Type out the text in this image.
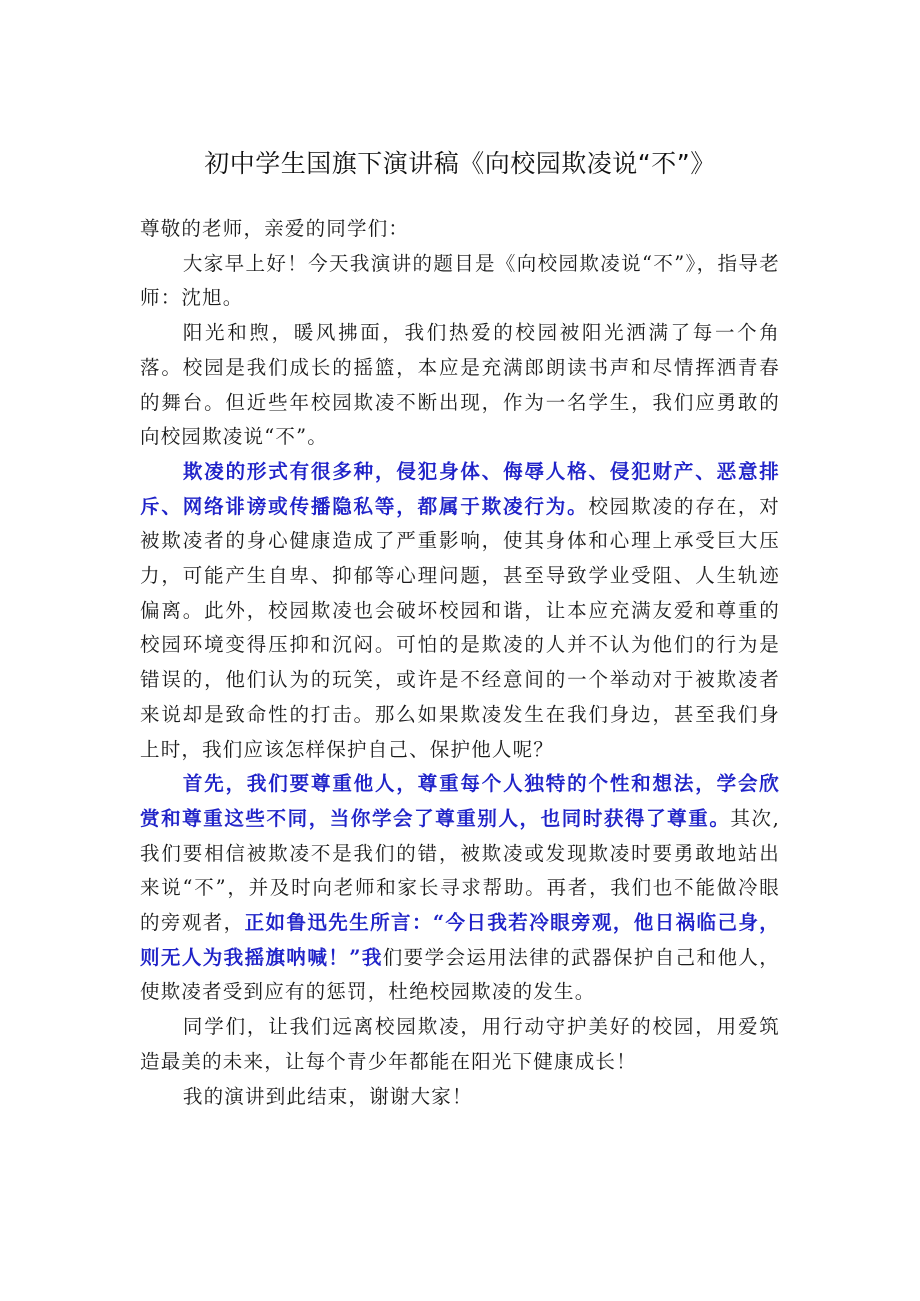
初中学生国旗下演讲稿《向校园欺凌说“不”》

尊敬的老师，亲爱的同学们：

大家早上好！今天我演讲的题目是《向校园欺凌说“不”》，指导老师：沈旭。

阳光和煦，暖风拂面，我们热爱的校园被阳光洒满了每一个角落。校园是我们成长的摇篮，本应是充满郎朗读书声和尽情挥洒青春的舞台。但近些年校园欺凌不断出现，作为一名学生，我们应勇敢的向校园欺凌说“不”。

欺凌的形式有很多种，侵犯身体、侮辱人格、侵犯财产、恶意排斥、网络诽谤或传播隐私等，都属于欺凌行为。校园欺凌的存在，对被欺凌者的身心健康造成了严重影响，使其身体和心理上承受巨大压力，可能产生自卑、抑郁等心理问题，甚至导致学业受阻、人生轨迹偏离。此外，校园欺凌也会破坏校园和谐，让本应充满友爱和尊重的校园环境变得压抑和沉闷。可怕的是欺凌的人并不认为他们的行为是错误的，他们认为的玩笑，或许是不经意间的一个举动对于被欺凌者来说却是致命性的打击。那么如果欺凌发生在我们身边，甚至我们身上时，我们应该怎样保护自己、保护他人呢？

首先，我们要尊重他人，尊重每个人独特的个性和想法，学会欣赏和尊重这些不同，当你学会了尊重别人，也同时获得了尊重。其次,我们要相信被欺凌不是我们的错，被欺凌或发现欺凌时要勇敢地站出来说“不”，并及时向老师和家长寻求帮助。再者，我们也不能做冷眼的旁观者，正如鲁迅先生所言：“今日我若冷眼旁观，他日祸临己身，则无人为我摇旗呐喊！”我们要学会运用法律的武器保护自己和他人，使欺凌者受到应有的惩罚，杜绝校园欺凌的发生。

同学们，让我们远离校园欺凌，用行动守护美好的校园，用爱筑造最美的未来，让每个青少年都能在阳光下健康成长！

我的演讲到此结束，谢谢大家！
